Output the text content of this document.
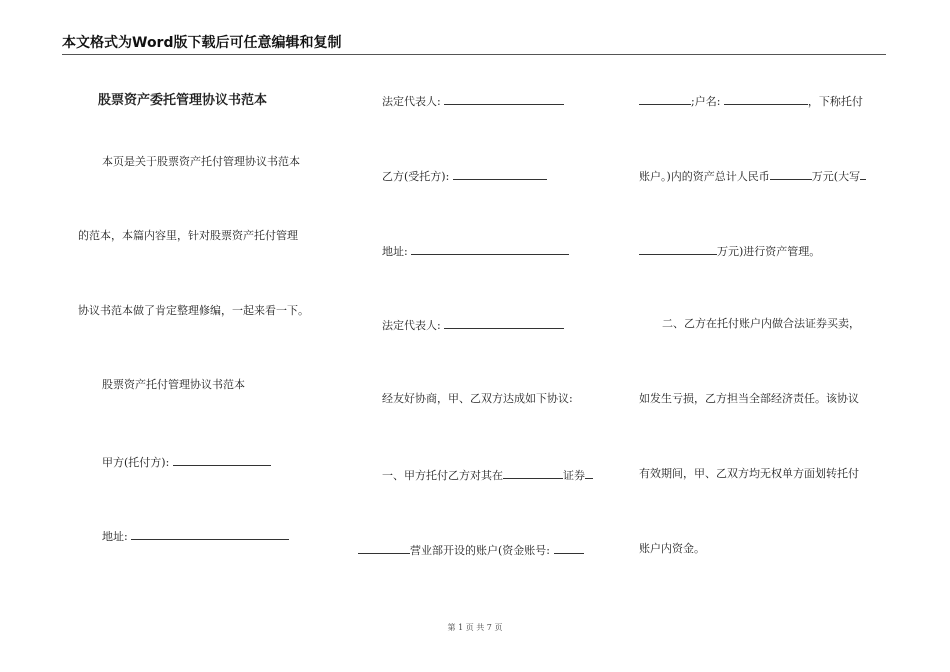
本文格式为Word版下载后可任意编辑和复制
股票资产委托管理协议书范本
本页是关于股票资产托付管理协议书范本
的范本，本篇内容里，针对股票资产托付管理
协议书范本做了肯定整理修编，一起来看一下。
股票资产托付管理协议书范本
甲方(托付方):
地址:
法定代表人:
乙方(受托方):
地址:
法定代表人:
经友好协商，甲、乙双方达成如下协议:
一、甲方托付乙方对其在	证券
营业部开设的账户(资金账号:
;户名:	，下称托付
账户。)内的资产总计人民币	万元(大写
万元)进行资产管理。
二、乙方在托付账户内做合法证券买卖，
如发生亏损，乙方担当全部经济责任。该协议
有效期间，甲、乙双方均无权单方面划转托付
账户内资金。
第 1 页 共 7 页
